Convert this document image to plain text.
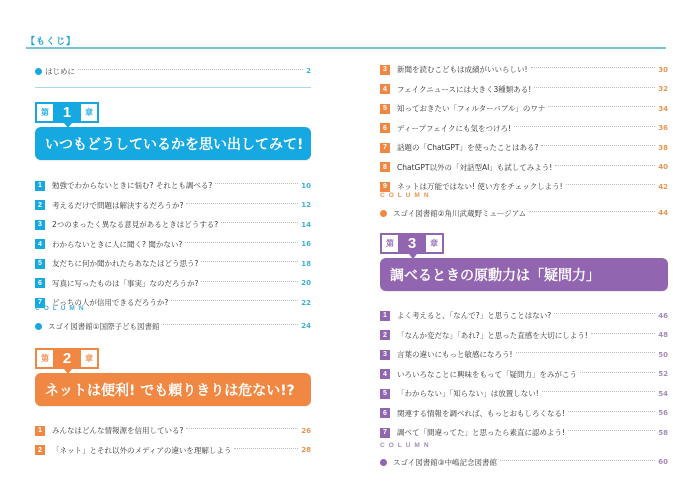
【もくじ】
はじめに	2
第 1	章
いつもどうしているかを思い出してみて!
1	勉強でわからないときに悩む? それとも調べる?	10
2	考えるだけで問題は解決するだろうか?	12
3	2つのまったく異なる意見があるときはどうする?	14
4	わからないときに人に聞く? 聞かない?	16
5	友だちに何か聞かれたらあなたはどう思う?	18
6	写真に写ったものは「事実」なのだろうか?	20
7	どっちの人が信用できるだろうか?	22
COLUMN
スゴイ図書館①国際子ども図書館	24
第 2	章
ネットは便利! でも頼りきりは危ない!?
1	みんなはどんな情報源を信用している?	26
2	「ネット」とそれ以外のメディアの違いを理解しよう	28
3	新聞を読むこどもは成績がいいらしい!	30
4	フェイクニュースには大きく3種類ある!	32
5	知っておきたい「フィルターバブル」のワナ	34
6	ディープフェイクにも気をつけろ!	36
7	話題の「ChatGPT」を使ったことはある?	38
8	ChatGPT以外の「対話型AI」も試してみよう!	40
9	ネットは万能ではない! 使い方をチェックしよう!	42
COLUMN
スゴイ図書館②角川武蔵野ミュージアム	44
第 3	章
調べるときの原動力は「疑問力」
1	よく考えると、「なんで?」と思うことはない?	46
2	「なんか変だな」「あれ?」と思った直感を大切にしよう!	48
3	言葉の違いにもっと敏感になろう!	50
4	いろいろなことに興味をもって「疑問力」をみがこう	52
5	「わからない」「知らない」は放置しない!	54
6	関連する情報を調べれば、もっとおもしろくなる!	56
7	調べて「間違ってた」と思ったら素直に認めよう!	58
COLUMN
スゴイ図書館③中嶋記念図書館	60
